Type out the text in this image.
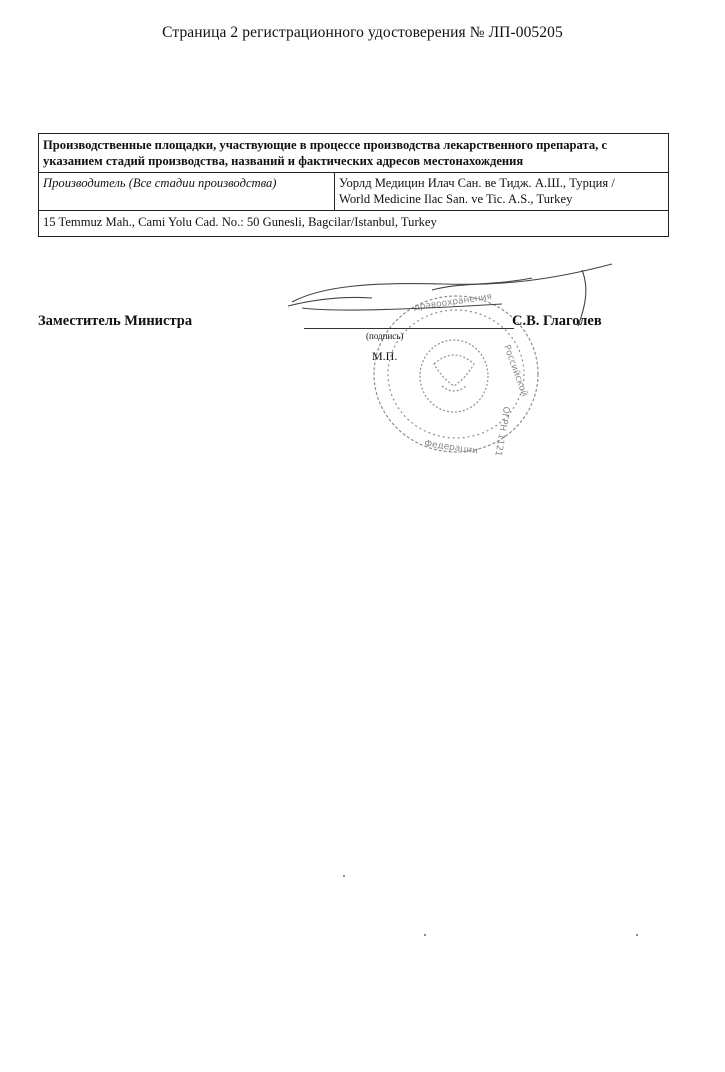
Страница 2 регистрационного удостоверения № ЛП-005205
Производственные площадки, участвующие в процессе производства лекарственного препарата, с указанием стадий производства, названий и фактических адресов местонахождения
Производитель (Все стадии производства)	Уорлд Медицин Илач Сан. ве Тидж. А.Ш., Турция /
World Medicine Ilac San. ve Tic. A.S., Turkey
15 Temmuz Mah., Cami Yolu Cad. No.: 50 Gunesli, Bagcilar/Istanbul, Turkey
дравоохранения
Российской
ОГРН 1121
Федерации
Заместитель Министра	С.В. Глаголев
(подпись)
М.П.
